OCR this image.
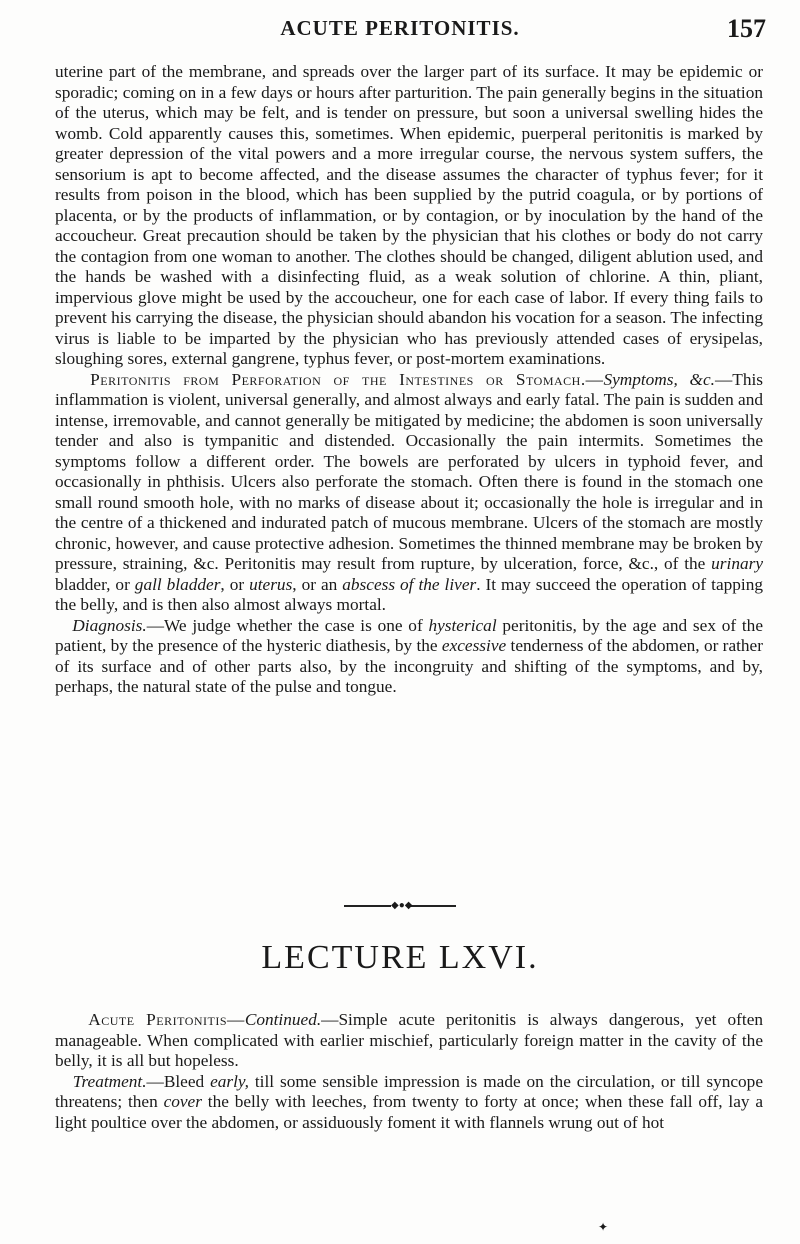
ACUTE PERITONITIS.	157

uterine part of the membrane, and spreads over the larger part of its surface. It may be epidemic or sporadic; coming on in a few days or hours after parturition. The pain generally begins in the situation of the uterus, which may be felt, and is tender on pressure, but soon a universal swelling hides the womb. Cold apparently causes this, sometimes. When epidemic, puerperal peritonitis is marked by greater depression of the vital powers and a more irregular course, the nervous system suffers, the sensorium is apt to become affected, and the disease assumes the character of typhus fever; for it results from poison in the blood, which has been supplied by the putrid coagula, or by portions of placenta, or by the products of inflammation, or by contagion, or by inoculation by the hand of the accoucheur. Great precaution should be taken by the physician that his clothes or body do not carry the contagion from one woman to another. The clothes should be changed, diligent ablution used, and the hands be washed with a disinfecting fluid, as a weak solution of chlorine. A thin, pliant, impervious glove might be used by the accoucheur, one for each case of labor. If every thing fails to prevent his carrying the disease, the physician should abandon his vocation for a season. The infecting virus is liable to be imparted by the physician who has previously attended cases of erysipelas, sloughing sores, external gangrene, typhus fever, or post-mortem examinations.

Peritonitis from Perforation of the Intestines or Stomach.—Symptoms, &c.—This inflammation is violent, universal generally, and almost always and early fatal. The pain is sudden and intense, irremovable, and cannot generally be mitigated by medicine; the abdomen is soon universally tender and also is tympanitic and distended. Occasionally the pain intermits. Sometimes the symptoms follow a different order. The bowels are perforated by ulcers in typhoid fever, and occasionally in phthisis. Ulcers also perforate the stomach. Often there is found in the stomach one small round smooth hole, with no marks of disease about it; occasionally the hole is irregular and in the centre of a thickened and indurated patch of mucous membrane. Ulcers of the stomach are mostly chronic, however, and cause protective adhesion. Sometimes the thinned membrane may be broken by pressure, straining, &c. Peritonitis may result from rupture, by ulceration, force, &c., of the urinary bladder, or gall bladder, or uterus, or an abscess of the liver. It may succeed the operation of tapping the belly, and is then also almost always mortal.

Diagnosis.—We judge whether the case is one of hysterical peritonitis, by the age and sex of the patient, by the presence of the hysteric diathesis, by the excessive tenderness of the abdomen, or rather of its surface and of other parts also, by the incongruity and shifting of the symptoms, and by, perhaps, the natural state of the pulse and tongue.

◆●◆
LECTURE LXVI.

Acute Peritonitis—Continued.—Simple acute peritonitis is always dangerous, yet often manageable. When complicated with earlier mischief, particularly foreign matter in the cavity of the belly, it is all but hopeless.

Treatment.—Bleed early, till some sensible impression is made on the circulation, or till syncope threatens; then cover the belly with leeches, from twenty to forty at once; when these fall off, lay a light poultice over the abdomen, or assiduously foment it with flannels wrung out of hot

✦
